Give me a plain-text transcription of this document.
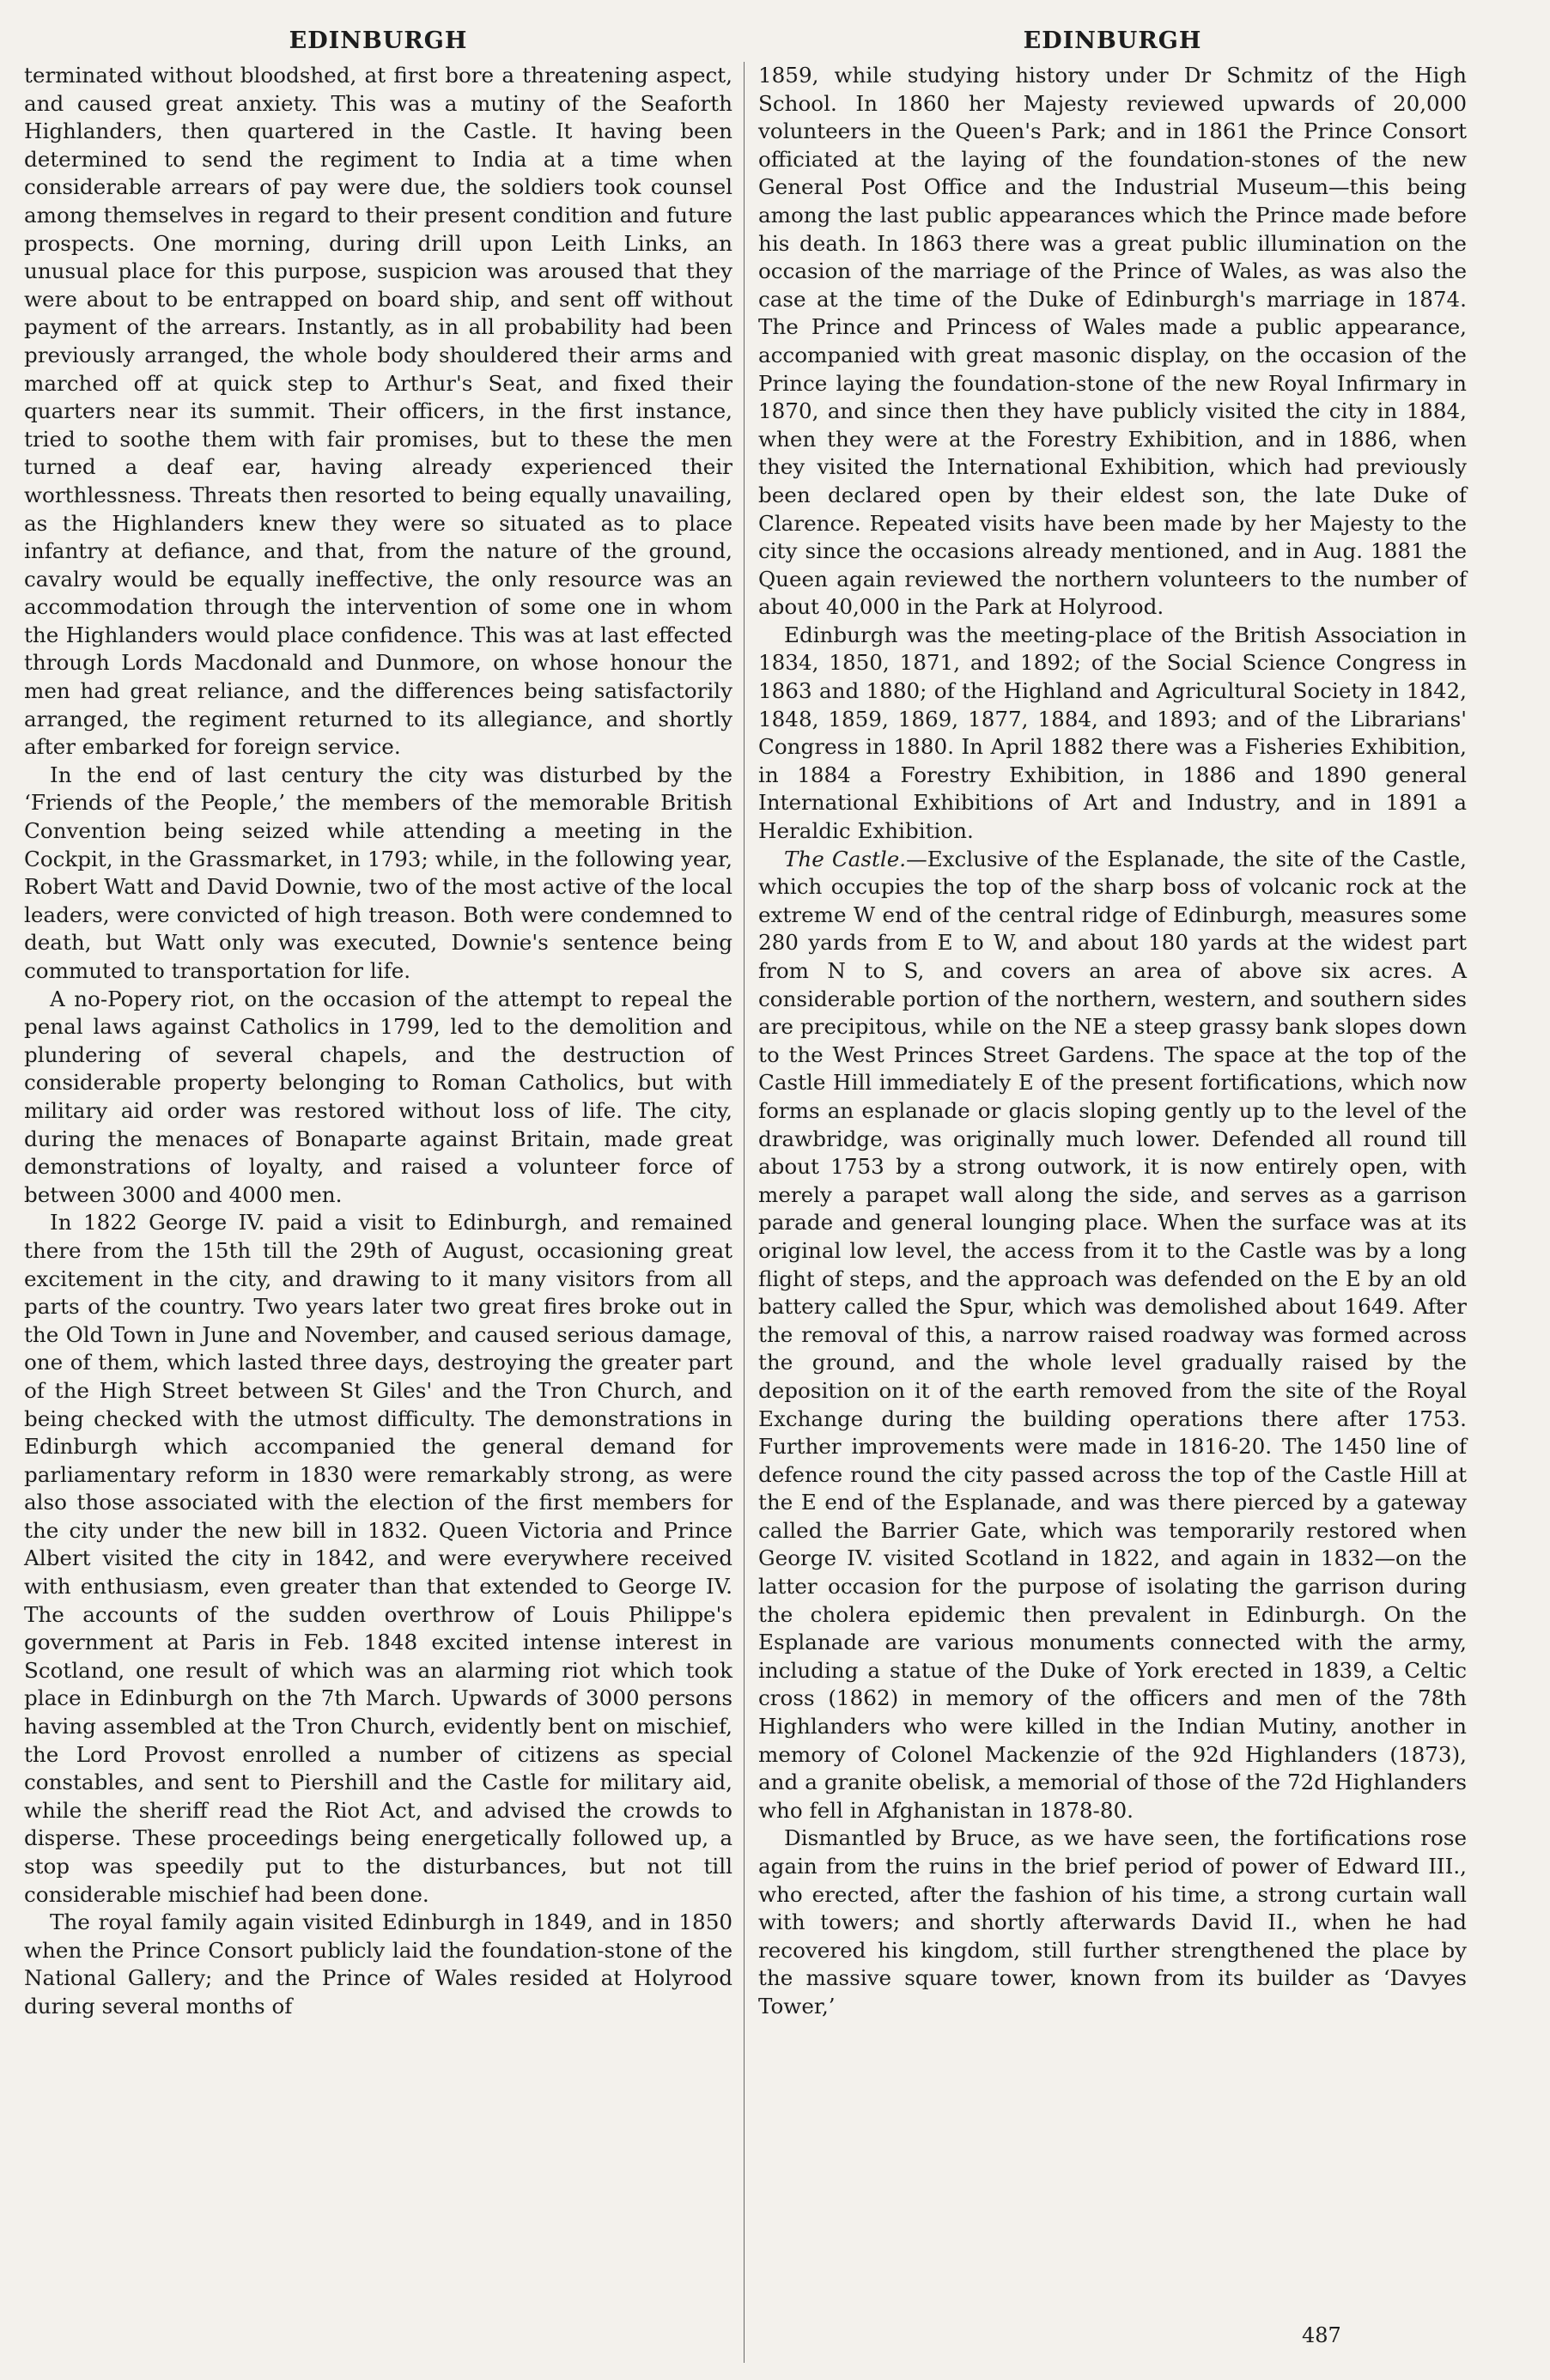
EDINBURGH

terminated without bloodshed, at first bore a threatening aspect, and caused great anxiety. This was a mutiny of the Seaforth Highlanders, then quartered in the Castle. It having been determined to send the regiment to India at a time when considerable arrears of pay were due, the soldiers took counsel among themselves in regard to their present condition and future prospects. One morning, during drill upon Leith Links, an unusual place for this purpose, suspicion was aroused that they were about to be entrapped on board ship, and sent off without payment of the arrears. Instantly, as in all probability had been previously arranged, the whole body shouldered their arms and marched off at quick step to Arthur's Seat, and fixed their quarters near its summit. Their officers, in the first instance, tried to soothe them with fair promises, but to these the men turned a deaf ear, having already experienced their worthlessness. Threats then resorted to being equally unavailing, as the Highlanders knew they were so situated as to place infantry at defiance, and that, from the nature of the ground, cavalry would be equally ineffective, the only resource was an accommodation through the intervention of some one in whom the Highlanders would place confidence. This was at last effected through Lords Macdonald and Dunmore, on whose honour the men had great reliance, and the differences being satisfactorily arranged, the regiment returned to its allegiance, and shortly after embarked for foreign service.

In the end of last century the city was disturbed by the ‘Friends of the People,’ the members of the memorable British Convention being seized while attending a meeting in the Cockpit, in the Grassmarket, in 1793; while, in the following year, Robert Watt and David Downie, two of the most active of the local leaders, were convicted of high treason. Both were condemned to death, but Watt only was executed, Downie's sentence being commuted to transportation for life.

A no-Popery riot, on the occasion of the attempt to repeal the penal laws against Catholics in 1799, led to the demolition and plundering of several chapels, and the destruction of considerable property belonging to Roman Catholics, but with military aid order was restored without loss of life. The city, during the menaces of Bonaparte against Britain, made great demonstrations of loyalty, and raised a volunteer force of between 3000 and 4000 men.

In 1822 George IV. paid a visit to Edinburgh, and remained there from the 15th till the 29th of August, occasioning great excitement in the city, and drawing to it many visitors from all parts of the country. Two years later two great fires broke out in the Old Town in June and November, and caused serious damage, one of them, which lasted three days, destroying the greater part of the High Street between St Giles' and the Tron Church, and being checked with the utmost difficulty. The demonstrations in Edinburgh which accompanied the general demand for parliamentary reform in 1830 were remarkably strong, as were also those associated with the election of the first members for the city under the new bill in 1832. Queen Victoria and Prince Albert visited the city in 1842, and were everywhere received with enthusiasm, even greater than that extended to George IV. The accounts of the sudden overthrow of Louis Philippe's government at Paris in Feb. 1848 excited intense interest in Scotland, one result of which was an alarming riot which took place in Edinburgh on the 7th March. Upwards of 3000 persons having assembled at the Tron Church, evidently bent on mischief, the Lord Provost enrolled a number of citizens as special constables, and sent to Piershill and the Castle for military aid, while the sheriff read the Riot Act, and advised the crowds to disperse. These proceedings being energetically followed up, a stop was speedily put to the disturbances, but not till considerable mischief had been done.

The royal family again visited Edinburgh in 1849, and in 1850 when the Prince Consort publicly laid the foundation-stone of the National Gallery; and the Prince of Wales resided at Holyrood during several months of

EDINBURGH

1859, while studying history under Dr Schmitz of the High School. In 1860 her Majesty reviewed upwards of 20,000 volunteers in the Queen's Park; and in 1861 the Prince Consort officiated at the laying of the foundation-stones of the new General Post Office and the Industrial Museum—this being among the last public appearances which the Prince made before his death. In 1863 there was a great public illumination on the occasion of the marriage of the Prince of Wales, as was also the case at the time of the Duke of Edinburgh's marriage in 1874. The Prince and Princess of Wales made a public appearance, accompanied with great masonic display, on the occasion of the Prince laying the foundation-stone of the new Royal Infirmary in 1870, and since then they have publicly visited the city in 1884, when they were at the Forestry Exhibition, and in 1886, when they visited the International Exhibition, which had previously been declared open by their eldest son, the late Duke of Clarence. Repeated visits have been made by her Majesty to the city since the occasions already mentioned, and in Aug. 1881 the Queen again reviewed the northern volunteers to the number of about 40,000 in the Park at Holyrood.

Edinburgh was the meeting-place of the British Association in 1834, 1850, 1871, and 1892; of the Social Science Congress in 1863 and 1880; of the Highland and Agricultural Society in 1842, 1848, 1859, 1869, 1877, 1884, and 1893; and of the Librarians' Congress in 1880. In April 1882 there was a Fisheries Exhibition, in 1884 a Forestry Exhibition, in 1886 and 1890 general International Exhibitions of Art and Industry, and in 1891 a Heraldic Exhibition.

The Castle.—Exclusive of the Esplanade, the site of the Castle, which occupies the top of the sharp boss of volcanic rock at the extreme W end of the central ridge of Edinburgh, measures some 280 yards from E to W, and about 180 yards at the widest part from N to S, and covers an area of above six acres. A considerable portion of the northern, western, and southern sides are precipitous, while on the NE a steep grassy bank slopes down to the West Princes Street Gardens. The space at the top of the Castle Hill immediately E of the present fortifications, which now forms an esplanade or glacis sloping gently up to the level of the drawbridge, was originally much lower. Defended all round till about 1753 by a strong outwork, it is now entirely open, with merely a parapet wall along the side, and serves as a garrison parade and general lounging place. When the surface was at its original low level, the access from it to the Castle was by a long flight of steps, and the approach was defended on the E by an old battery called the Spur, which was demolished about 1649. After the removal of this, a narrow raised roadway was formed across the ground, and the whole level gradually raised by the deposition on it of the earth removed from the site of the Royal Exchange during the building operations there after 1753. Further improvements were made in 1816-20. The 1450 line of defence round the city passed across the top of the Castle Hill at the E end of the Esplanade, and was there pierced by a gateway called the Barrier Gate, which was temporarily restored when George IV. visited Scotland in 1822, and again in 1832—on the latter occasion for the purpose of isolating the garrison during the cholera epidemic then prevalent in Edinburgh. On the Esplanade are various monuments connected with the army, including a statue of the Duke of York erected in 1839, a Celtic cross (1862) in memory of the officers and men of the 78th Highlanders who were killed in the Indian Mutiny, another in memory of Colonel Mackenzie of the 92d Highlanders (1873), and a granite obelisk, a memorial of those of the 72d Highlanders who fell in Afghanistan in 1878-80.

Dismantled by Bruce, as we have seen, the fortifications rose again from the ruins in the brief period of power of Edward III., who erected, after the fashion of his time, a strong curtain wall with towers; and shortly afterwards David II., when he had recovered his kingdom, still further strengthened the place by the massive square tower, known from its builder as ‘Davyes Tower,’

487
